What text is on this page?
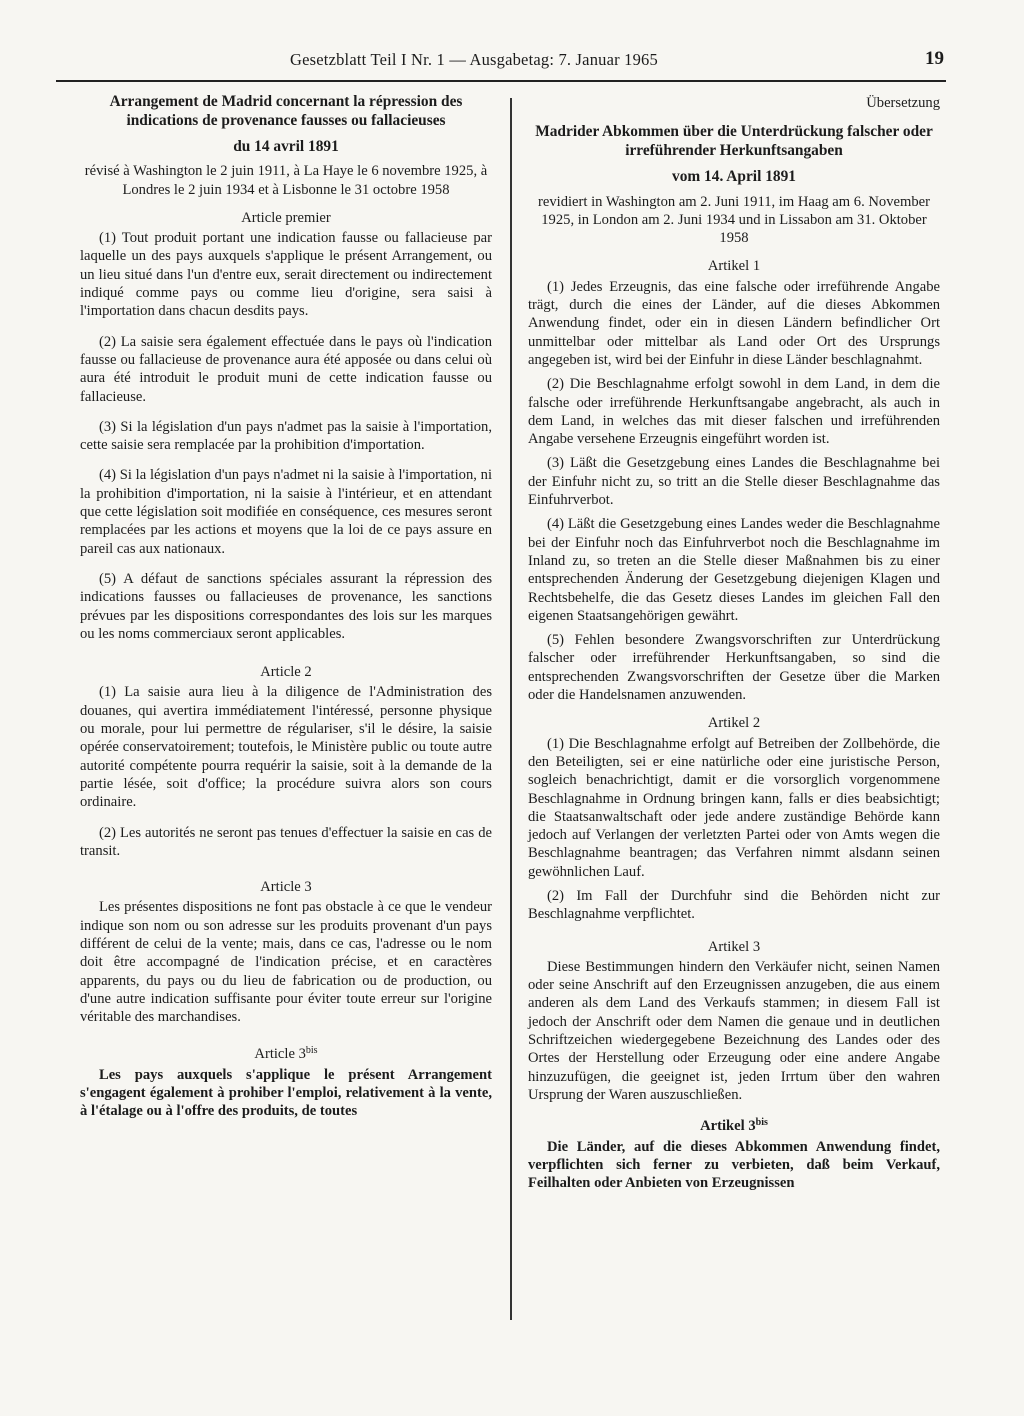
Gesetzblatt Teil I Nr. 1 — Ausgabetag: 7. Januar 1965	19
Arrangement de Madrid concernant la répression des indications de provenance fausses ou fallacieuses
du 14 avril 1891
révisé à Washington le 2 juin 1911, à La Haye le 6 novembre 1925, à Londres le 2 juin 1934 et à Lisbonne le 31 octobre 1958
Article premier

(1) Tout produit portant une indication fausse ou fallacieuse par laquelle un des pays auxquels s'applique le présent Arrangement, ou un lieu situé dans l'un d'entre eux, serait directement ou indirectement indiqué comme pays ou comme lieu d'origine, sera saisi à l'importation dans chacun desdits pays.

(2) La saisie sera également effectuée dans le pays où l'indication fausse ou fallacieuse de provenance aura été apposée ou dans celui où aura été introduit le produit muni de cette indication fausse ou fallacieuse.

(3) Si la législation d'un pays n'admet pas la saisie à l'importation, cette saisie sera remplacée par la prohibition d'importation.

(4) Si la législation d'un pays n'admet ni la saisie à l'importation, ni la prohibition d'importation, ni la saisie à l'intérieur, et en attendant que cette législation soit modifiée en conséquence, ces mesures seront remplacées par les actions et moyens que la loi de ce pays assure en pareil cas aux nationaux.

(5) A défaut de sanctions spéciales assurant la répression des indications fausses ou fallacieuses de provenance, les sanctions prévues par les dispositions correspondantes des lois sur les marques ou les noms commerciaux seront applicables.

Article 2

(1) La saisie aura lieu à la diligence de l'Administration des douanes, qui avertira immédiatement l'intéressé, personne physique ou morale, pour lui permettre de régulariser, s'il le désire, la saisie opérée conservatoirement; toutefois, le Ministère public ou toute autre autorité compétente pourra requérir la saisie, soit à la demande de la partie lésée, soit d'office; la procédure suivra alors son cours ordinaire.

(2) Les autorités ne seront pas tenues d'effectuer la saisie en cas de transit.

Article 3

Les présentes dispositions ne font pas obstacle à ce que le vendeur indique son nom ou son adresse sur les produits provenant d'un pays différent de celui de la vente; mais, dans ce cas, l'adresse ou le nom doit être accompagné de l'indication précise, et en caractères apparents, du pays ou du lieu de fabrication ou de production, ou d'une autre indication suffisante pour éviter toute erreur sur l'origine véritable des marchandises.

Article $3^{bis}$

Les pays auxquels s'applique le présent Arrangement s'engagent également à prohiber l'emploi, relativement à la vente, à l'étalage ou à l'offre des produits, de toutes

Übersetzung
Madrider Abkommen über die Unterdrückung falscher oder irreführender Herkunftsangaben
vom 14. April 1891
revidiert in Washington am 2. Juni 1911, im Haag am 6. November 1925, in London am 2. Juni 1934 und in Lissabon am 31. Oktober 1958
Artikel 1

(1) Jedes Erzeugnis, das eine falsche oder irreführende Angabe trägt, durch die eines der Länder, auf die dieses Abkommen Anwendung findet, oder ein in diesen Ländern befindlicher Ort unmittelbar oder mittelbar als Land oder Ort des Ursprungs angegeben ist, wird bei der Einfuhr in diese Länder beschlagnahmt.

(2) Die Beschlagnahme erfolgt sowohl in dem Land, in dem die falsche oder irreführende Herkunftsangabe angebracht, als auch in dem Land, in welches das mit dieser falschen und irreführenden Angabe versehene Erzeugnis eingeführt worden ist.

(3) Läßt die Gesetzgebung eines Landes die Beschlagnahme bei der Einfuhr nicht zu, so tritt an die Stelle dieser Beschlagnahme das Einfuhrverbot.

(4) Läßt die Gesetzgebung eines Landes weder die Beschlagnahme bei der Einfuhr noch das Einfuhrverbot noch die Beschlagnahme im Inland zu, so treten an die Stelle dieser Maßnahmen bis zu einer entsprechenden Änderung der Gesetzgebung diejenigen Klagen und Rechtsbehelfe, die das Gesetz dieses Landes im gleichen Fall den eigenen Staatsangehörigen gewährt.

(5) Fehlen besondere Zwangsvorschriften zur Unterdrückung falscher oder irreführender Herkunftsangaben, so sind die entsprechenden Zwangsvorschriften der Gesetze über die Marken oder die Handelsnamen anzuwenden.

Artikel 2

(1) Die Beschlagnahme erfolgt auf Betreiben der Zollbehörde, die den Beteiligten, sei er eine natürliche oder eine juristische Person, sogleich benachrichtigt, damit er die vorsorglich vorgenommene Beschlagnahme in Ordnung bringen kann, falls er dies beabsichtigt; die Staatsanwaltschaft oder jede andere zuständige Behörde kann jedoch auf Verlangen der verletzten Partei oder von Amts wegen die Beschlagnahme beantragen; das Verfahren nimmt alsdann seinen gewöhnlichen Lauf.

(2) Im Fall der Durchfuhr sind die Behörden nicht zur Beschlagnahme verpflichtet.

Artikel 3

Diese Bestimmungen hindern den Verkäufer nicht, seinen Namen oder seine Anschrift auf den Erzeugnissen anzugeben, die aus einem anderen als dem Land des Verkaufs stammen; in diesem Fall ist jedoch der Anschrift oder dem Namen die genaue und in deutlichen Schriftzeichen wiedergegebene Bezeichnung des Landes oder des Ortes der Herstellung oder Erzeugung oder eine andere Angabe hinzuzufügen, die geeignet ist, jeden Irrtum über den wahren Ursprung der Waren auszuschließen.

Artikel $3^{bis}$

Die Länder, auf die dieses Abkommen Anwendung findet, verpflichten sich ferner zu verbieten, daß beim Verkauf, Feilhalten oder Anbieten von Erzeugnissen
